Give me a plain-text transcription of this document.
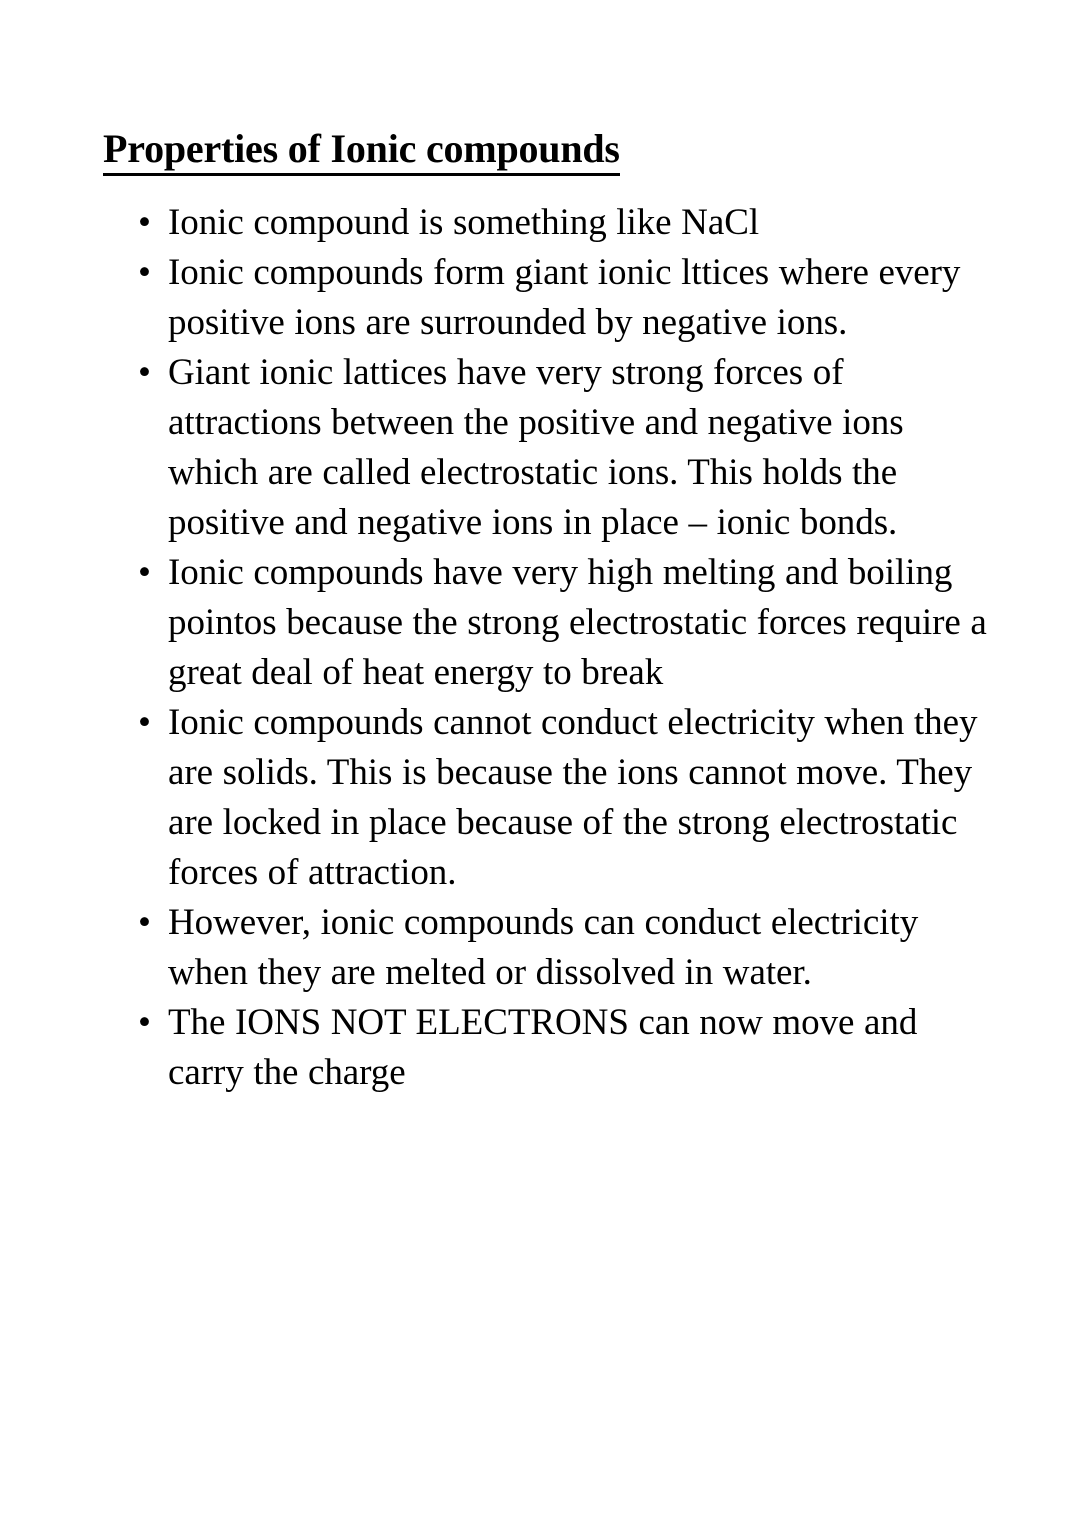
Properties of Ionic compounds
• Ionic compound is something like NaCl
• Ionic compounds form giant ionic lttices where every positive ions are surrounded by negative ions.
• Giant ionic lattices have very strong forces of attractions between the positive and negative ions which are called electrostatic ions. This holds the positive and negative ions in place – ionic bonds.
• Ionic compounds have very high melting and boiling pointos because the strong electrostatic forces require a great deal of heat energy to break
• Ionic compounds cannot conduct electricity when they are solids. This is because the ions cannot move. They are locked in place because of the strong electrostatic forces of attraction.
• However, ionic compounds can conduct electricity when they are melted or dissolved in water.
• The IONS NOT ELECTRONS can now move and carry the charge
